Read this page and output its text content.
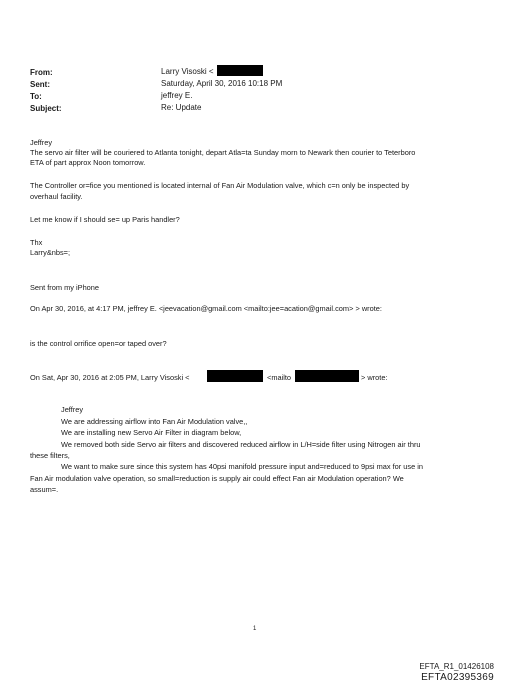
From:	Larry Visoski <
Sent:	Saturday, April 30, 2016 10:18 PM
To:	jeffrey E.
Subject:	Re: Update
Jeffrey
The servo air filter will be couriered to Atlanta tonight, depart Atla=ta Sunday morn to Newark then courier to Teterboro
ETA of part approx Noon tomorrow.
The Controller or=fice you mentioned is located internal of Fan Air Modulation valve, which c=n only be inspected by
overhaul facility.
Let me know if I should se= up Paris handler?
Thx
Larry&nbs=;
Sent from my iPhone
On Apr 30, 2016, at 4:17 PM, jeffrey E. <jeevacation@gmail.com <mailto:jee=acation@gmail.com> > wrote:
is the control orrifice open=or taped over?
On Sat, Apr 30, 2016 at 2:05 PM, Larry Visoski <	<mailto	> wrote:
Jeffrey
We are addressing airflow into Fan Air Modulation valve,,
We are installing new Servo Air Filter in diagram below,
We removed both side Servo air filters and discovered reduced airflow in L/H=side filter using Nitrogen air thru
these filters,
We want to make sure since this system has 40psi manifold pressure input and=reduced to 9psi max for use in
Fan Air modulation valve operation, so small=reduction is supply air could effect Fan air Modulation operation? We
assum=.
1
EFTA_R1_01426108
EFTA02395369
